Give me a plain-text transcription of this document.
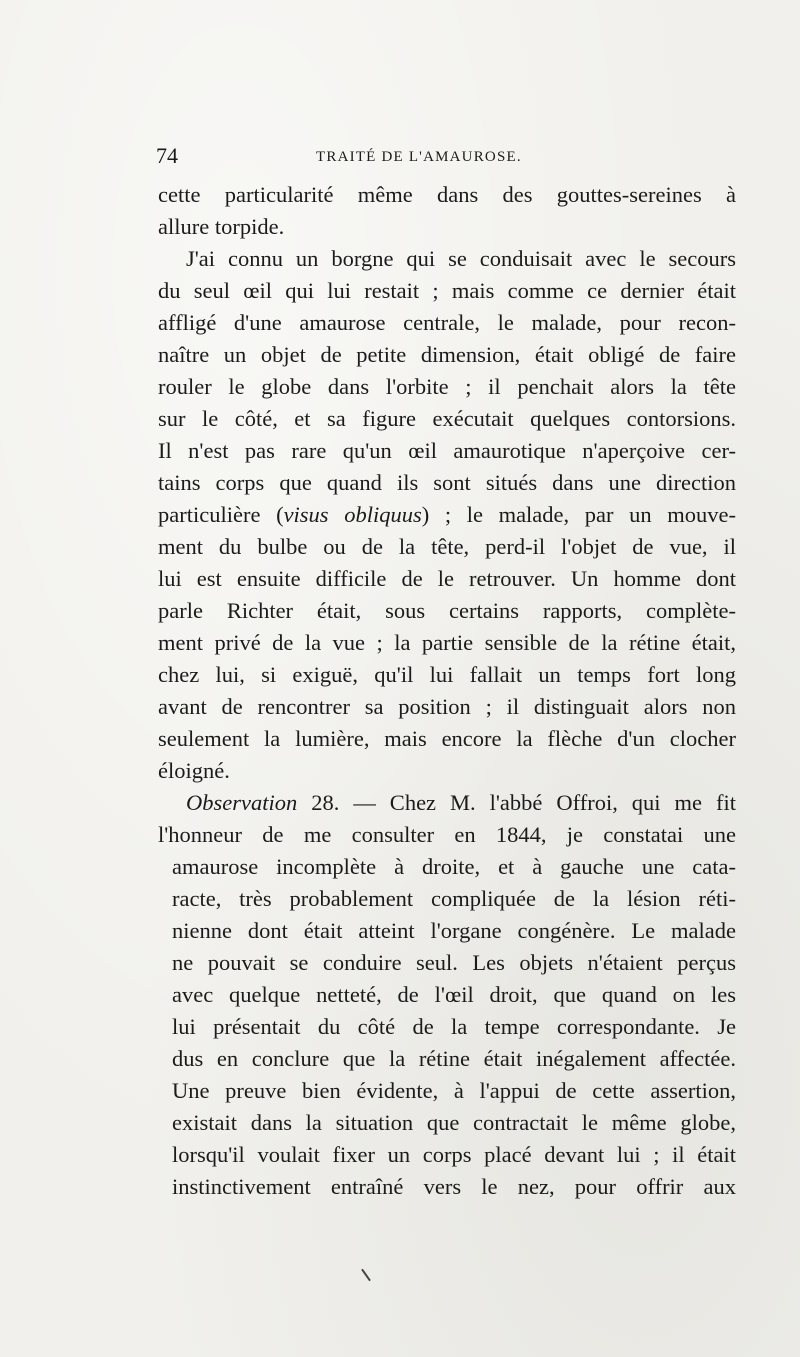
74	TRAITÉ DE L'AMAUROSE.
cette particularité même dans des gouttes-sereines à
allure torpide.
J'ai connu un borgne qui se conduisait avec le secours
du seul œil qui lui restait ; mais comme ce dernier était
affligé d'une amaurose centrale, le malade, pour recon-
naître un objet de petite dimension, était obligé de faire
rouler le globe dans l'orbite ; il penchait alors la tête
sur le côté, et sa figure exécutait quelques contorsions.
Il n'est pas rare qu'un œil amaurotique n'aperçoive cer-
tains corps que quand ils sont situés dans une direction
particulière (visus obliquus) ; le malade, par un mouve-
ment du bulbe ou de la tête, perd-il l'objet de vue, il
lui est ensuite difficile de le retrouver. Un homme dont
parle Richter était, sous certains rapports, complète-
ment privé de la vue ; la partie sensible de la rétine était,
chez lui, si exiguë, qu'il lui fallait un temps fort long
avant de rencontrer sa position ; il distinguait alors non
seulement la lumière, mais encore la flèche d'un clocher
éloigné.
Observation 28. — Chez M. l'abbé Offroi, qui me fit
l'honneur de me consulter en 1844, je constatai une
amaurose incomplète à droite, et à gauche une cata-
racte, très probablement compliquée de la lésion réti-
nienne dont était atteint l'organe congénère. Le malade
ne pouvait se conduire seul. Les objets n'étaient perçus
avec quelque netteté, de l'œil droit, que quand on les
lui présentait du côté de la tempe correspondante. Je
dus en conclure que la rétine était inégalement affectée.
Une preuve bien évidente, à l'appui de cette assertion,
existait dans la situation que contractait le même globe,
lorsqu'il voulait fixer un corps placé devant lui ; il était
instinctivement entraîné vers le nez, pour offrir aux
